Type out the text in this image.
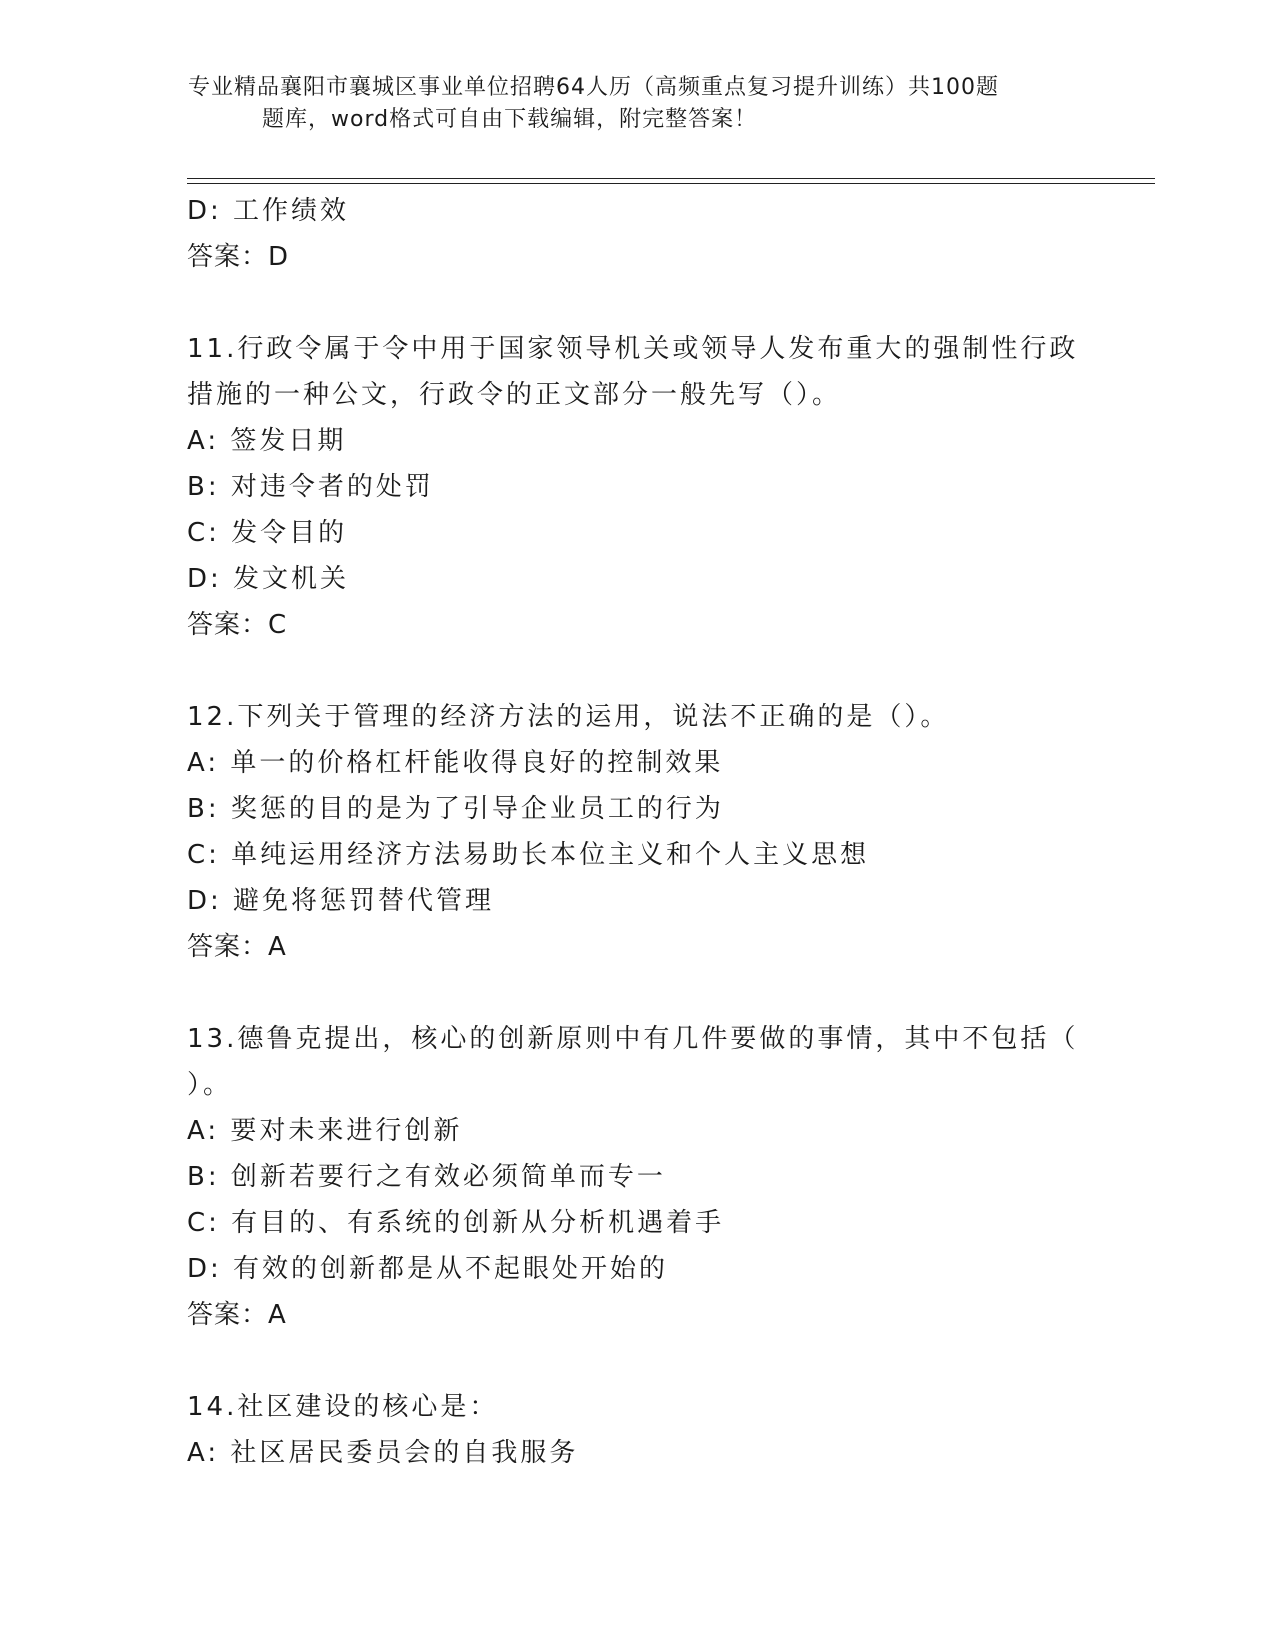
专业精品襄阳市襄城区事业单位招聘64人历（高频重点复习提升训练）共100题
题库，word格式可自由下载编辑，附完整答案！
D: 工作绩效
答案：D
11.行政令属于令中用于国家领导机关或领导人发布重大的强制性行政
措施的一种公文，行政令的正文部分一般先写（）。
A: 签发日期
B: 对违令者的处罚
C: 发令目的
D: 发文机关
答案：C
12.下列关于管理的经济方法的运用，说法不正确的是（）。
A: 单一的价格杠杆能收得良好的控制效果
B: 奖惩的目的是为了引导企业员工的行为
C: 单纯运用经济方法易助长本位主义和个人主义思想
D: 避免将惩罚替代管理
答案：A
13.德鲁克提出，核心的创新原则中有几件要做的事情，其中不包括（
）。
A: 要对未来进行创新
B: 创新若要行之有效必须简单而专一
C: 有目的、有系统的创新从分析机遇着手
D: 有效的创新都是从不起眼处开始的
答案：A
14.社区建设的核心是：
A: 社区居民委员会的自我服务
